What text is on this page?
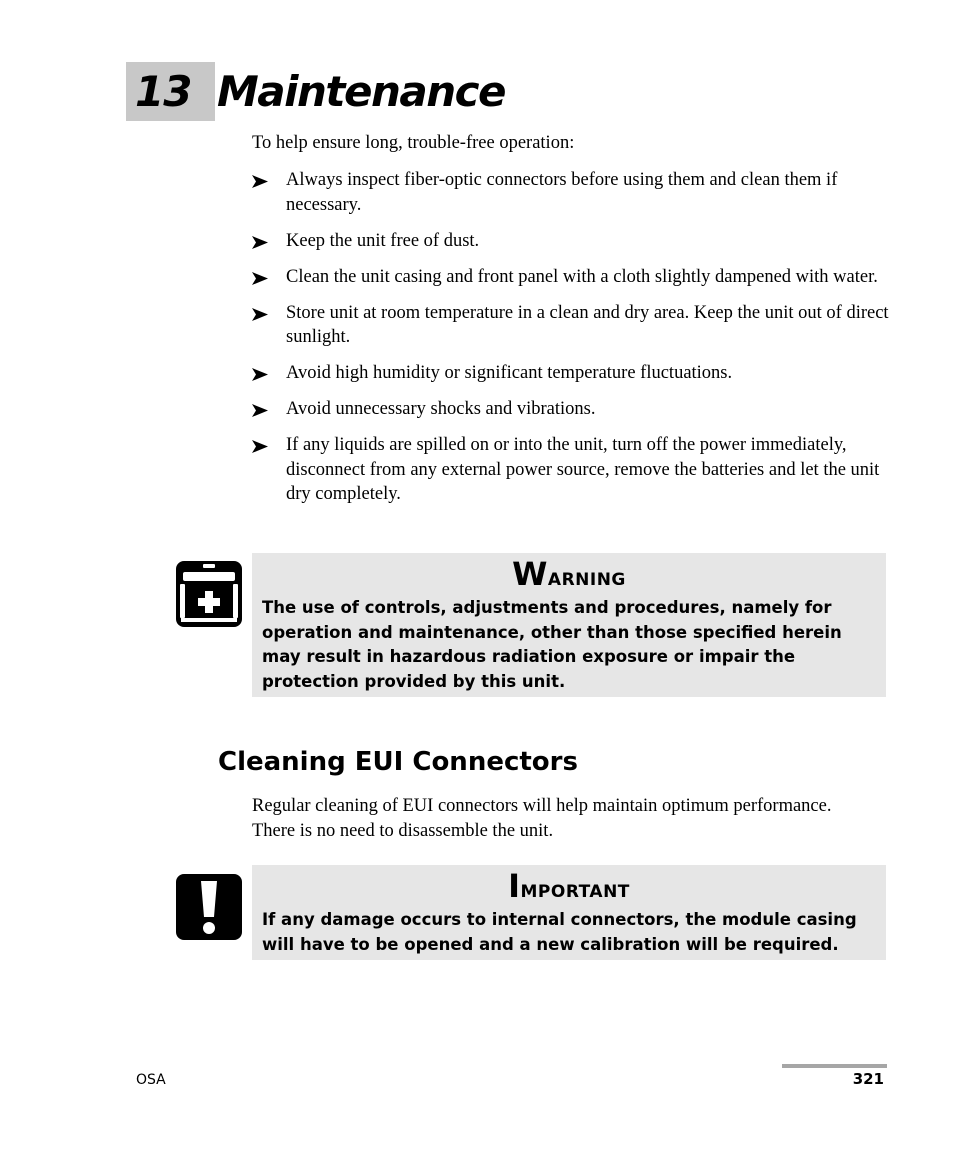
13 Maintenance
To help ensure long, trouble-free operation:
Always inspect fiber-optic connectors before using them and clean them if necessary.
Keep the unit free of dust.
Clean the unit casing and front panel with a cloth slightly dampened with water.
Store unit at room temperature in a clean and dry area. Keep the unit out of direct sunlight.
Avoid high humidity or significant temperature fluctuations.
Avoid unnecessary shocks and vibrations.
If any liquids are spilled on or into the unit, turn off the power immediately, disconnect from any external power source, remove the batteries and let the unit dry completely.
Warning
The use of controls, adjustments and procedures, namely for operation and maintenance, other than those specified herein may result in hazardous radiation exposure or impair the protection provided by this unit.
Cleaning EUI Connectors
Regular cleaning of EUI connectors will help maintain optimum performance. There is no need to disassemble the unit.
Important
If any damage occurs to internal connectors, the module casing will have to be opened and a new calibration will be required.
OSA	321
